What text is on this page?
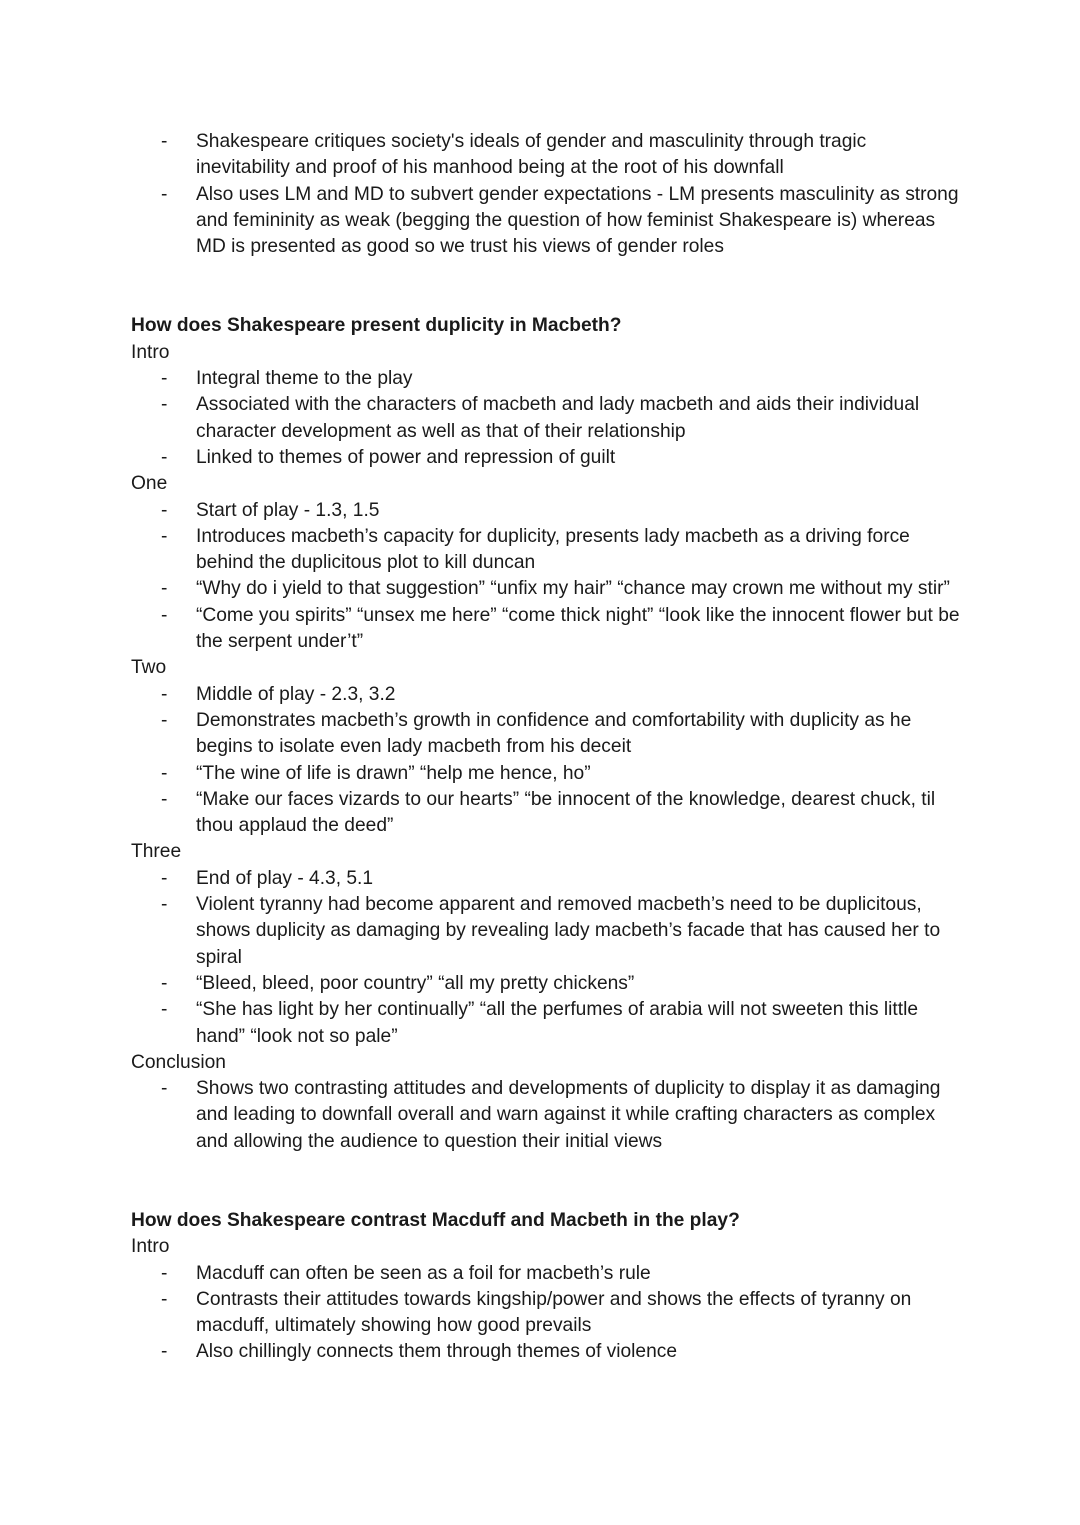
- Shakespeare critiques society's ideals of gender and masculinity through tragic inevitability and proof of his manhood being at the root of his downfall
- Also uses LM and MD to subvert gender expectations - LM presents masculinity as strong and femininity as weak (begging the question of how feminist Shakespeare is) whereas MD is presented as good so we trust his views of gender roles

How does Shakespeare present duplicity in Macbeth?

Intro

- Integral theme to the play
- Associated with the characters of macbeth and lady macbeth and aids their individual character development as well as that of their relationship
- Linked to themes of power and repression of guilt

One

- Start of play - 1.3, 1.5
- Introduces macbeth’s capacity for duplicity, presents lady macbeth as a driving force behind the duplicitous plot to kill duncan
- “Why do i yield to that suggestion” “unfix my hair” “chance may crown me without my stir”
- “Come you spirits” “unsex me here” “come thick night” “look like the innocent flower but be the serpent under’t”

Two

- Middle of play - 2.3, 3.2
- Demonstrates macbeth’s growth in confidence and comfortability with duplicity as he begins to isolate even lady macbeth from his deceit
- “The wine of life is drawn” “help me hence, ho”
- “Make our faces vizards to our hearts” “be innocent of the knowledge, dearest chuck, til thou applaud the deed”

Three

- End of play - 4.3, 5.1
- Violent tyranny had become apparent and removed macbeth’s need to be duplicitous, shows duplicity as damaging by revealing lady macbeth’s facade that has caused her to spiral
- “Bleed, bleed, poor country” “all my pretty chickens”
- “She has light by her continually” “all the perfumes of arabia will not sweeten this little hand” “look not so pale”

Conclusion

- Shows two contrasting attitudes and developments of duplicity to display it as damaging and leading to downfall overall and warn against it while crafting characters as complex and allowing the audience to question their initial views

How does Shakespeare contrast Macduff and Macbeth in the play?

Intro

- Macduff can often be seen as a foil for macbeth’s rule
- Contrasts their attitudes towards kingship/power and shows the effects of tyranny on macduff, ultimately showing how good prevails
- Also chillingly connects them through themes of violence
